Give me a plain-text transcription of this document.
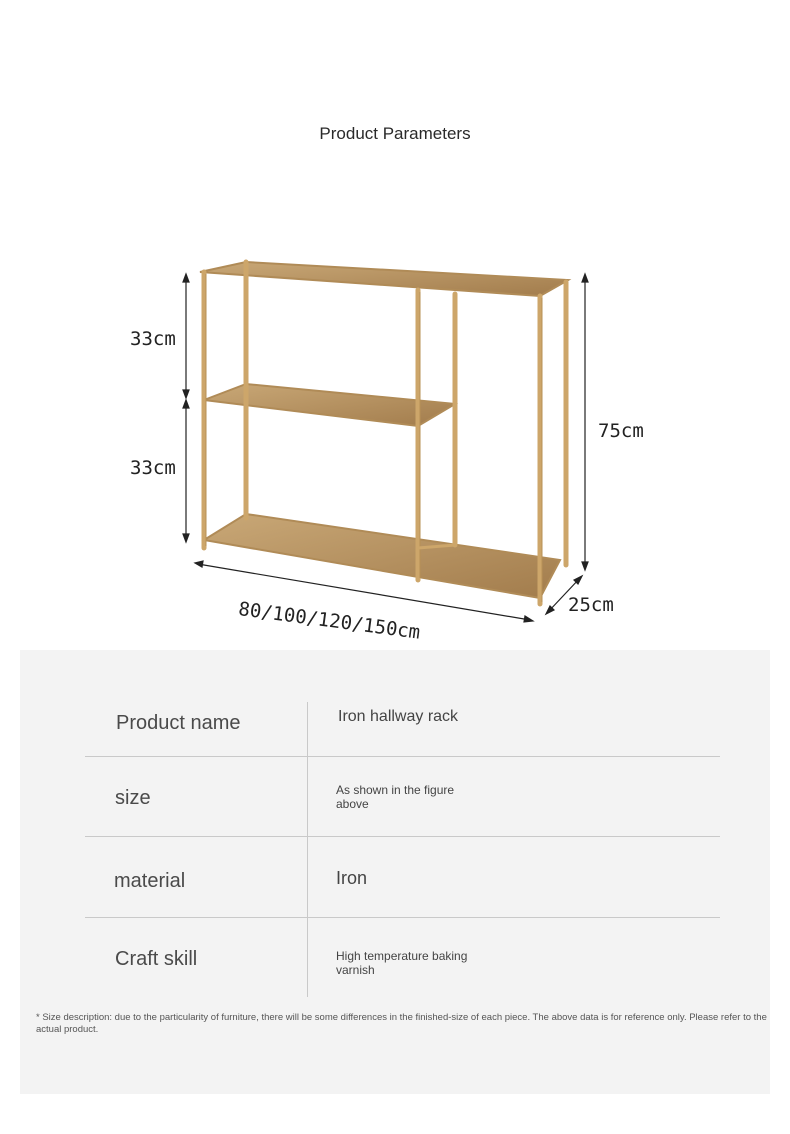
Product Parameters
33cm
33cm
75cm
25cm
80/100/120/150cm
Product name	Iron hallway rack
size	As shown in the figure above
material	Iron
Craft skill	High temperature baking varnish
* Size description: due to the particularity of furniture, there will be some differences in the finished-size of each piece. The above data is for reference only. Please refer to the actual product.
